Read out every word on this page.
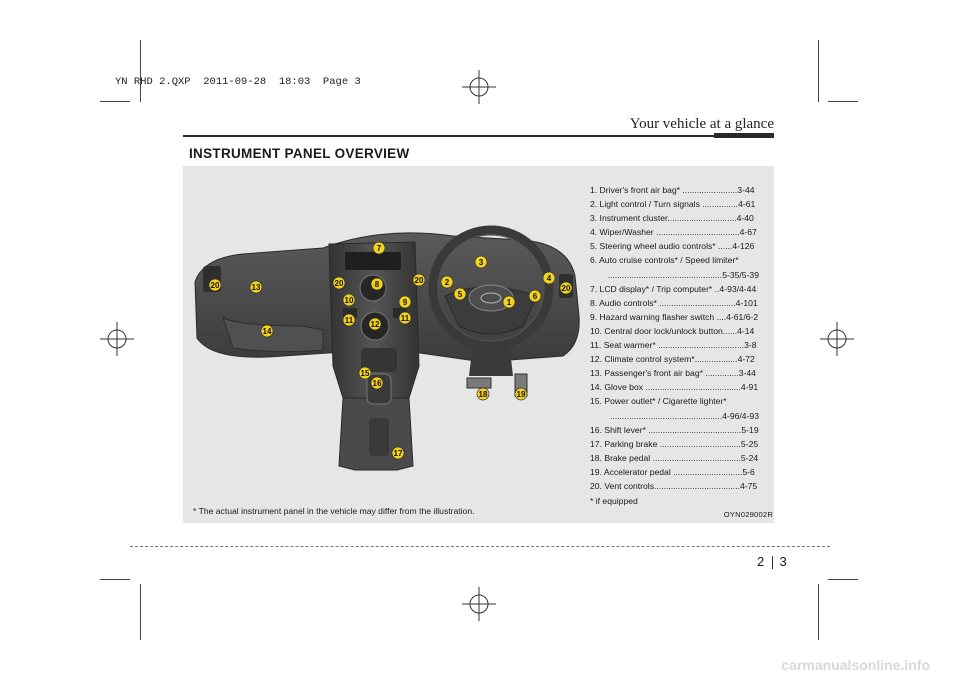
YN RHD 2.QXP  2011-09-28  18:03  Page 3
Your vehicle at a glance
INSTRUMENT PANEL OVERVIEW
1
2
3
4
5	6
7
8
9
10
11	11
12
13
14
15
16
17
18	19
20	20	20
20
1. Driver's front air bag* .......................3-44
2. Light control / Turn signals ...............4-61
3. Instrument cluster.............................4-40
4. Wiper/Washer ...................................4-67
5. Steering wheel audio controls* ......4-126
6. Auto cruise controls* / Speed limiter*
................................................5-35/5-39
7. LCD display* / Trip computer* ..4-93/4-44
8. Audio controls* ................................4-101
9. Hazard warning flasher switch ....4-61/6-2
10. Central door lock/unlock button......4-14
11. Seat warmer* ....................................3-8
12. Climate control system*..................4-72
13. Passenger's front air bag* ..............3-44
14. Glove box ........................................4-91
15. Power outlet* / Cigarette lighter*
...............................................4-96/4-93
16. Shift lever* .......................................5-19
17. Parking brake ..................................5-25
18. Brake pedal .....................................5-24
19. Accelerator pedal .............................5-6
20. Vent controls....................................4-75
* if equipped
* The actual instrument panel in the vehicle may differ from the illustration.	OYN029002R
2 3
carmanualsonline.info
